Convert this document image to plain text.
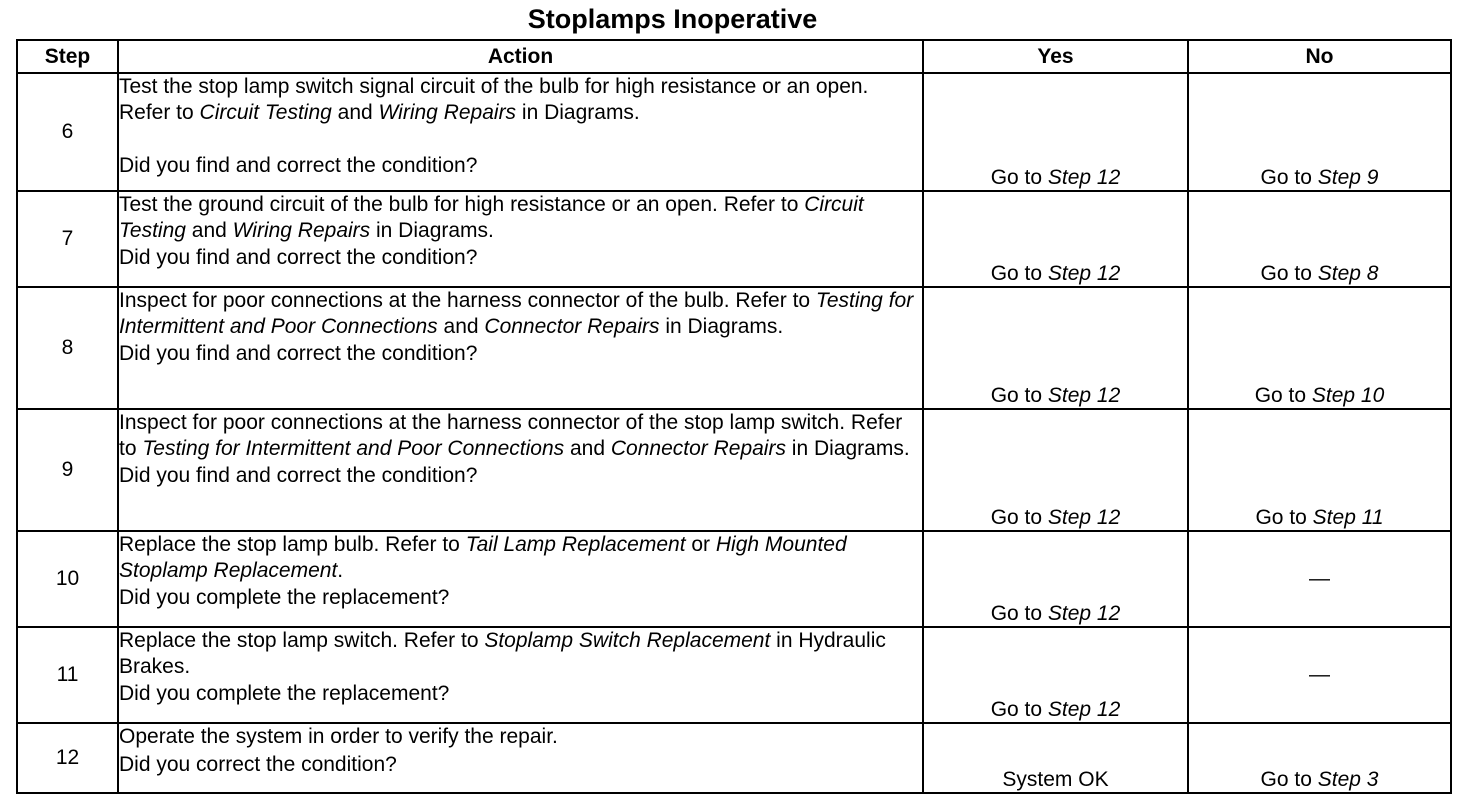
Stoplamps Inoperative
Step	Action	Yes	No
6	Test the stop lamp switch signal circuit of the bulb for high resistance or an open. Refer to Circuit Testing and Wiring Repairs in Diagrams.
Did you find and correct the condition?	Go to Step 12	Go to Step 9
7	Test the ground circuit of the bulb for high resistance or an open. Refer to Circuit Testing and Wiring Repairs in Diagrams.
Did you find and correct the condition?	Go to Step 12	Go to Step 8
8	Inspect for poor connections at the harness connector of the bulb. Refer to Testing for Intermittent and Poor Connections and Connector Repairs in Diagrams.
Did you find and correct the condition?	Go to Step 12	Go to Step 10
9	Inspect for poor connections at the harness connector of the stop lamp switch. Refer to Testing for Intermittent and Poor Connections and Connector Repairs in Diagrams.
Did you find and correct the condition?	Go to Step 12	Go to Step 11
10	Replace the stop lamp bulb. Refer to Tail Lamp Replacement or High Mounted Stoplamp Replacement.
Did you complete the replacement?	Go to Step 12	—
11	Replace the stop lamp switch. Refer to Stoplamp Switch Replacement in Hydraulic Brakes.
Did you complete the replacement?	Go to Step 12	—
12	Operate the system in order to verify the repair.
Did you correct the condition?	System OK	Go to Step 3
